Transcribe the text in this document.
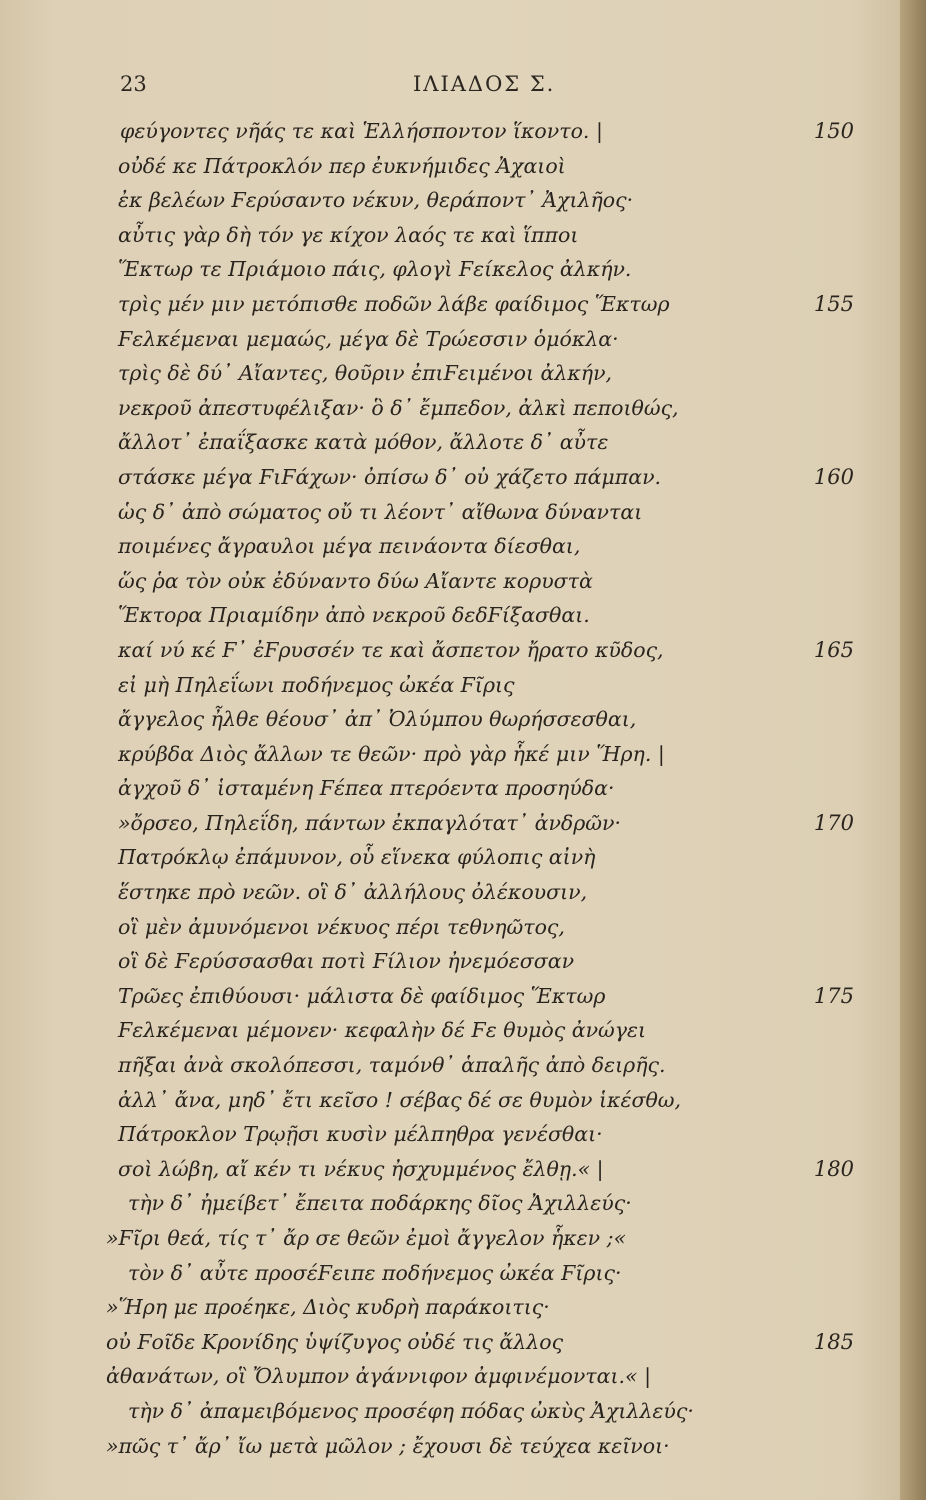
23	ΙΛΙΑΔΟΣ Σ.
φεύγοντες νῆάς τε καὶ Ἑλλήσποντον ἵκοντο. |	150
οὐδέ κε Πάτροκλόν περ ἐυκνήμιδες Ἀχαιοὶ
ἐκ βελέων Ϝερύσαντο νέκυν, θεράποντ᾿ Ἀχιλῆος·
αὖτις γὰρ δὴ τόν γε κίχον λαός τε καὶ ἵπποι
Ἕκτωρ τε Πριάμοιο πάις, φλογὶ Ϝείκελος ἀλκήν.
τρὶς μέν μιν μετόπισθε ποδῶν λάβε φαίδιμος Ἕκτωρ	155
Ϝελκέμεναι μεμαώς, μέγα δὲ Τρώεσσιν ὁμόκλα·
τρὶς δὲ δύ᾿ Αἴαντες, θοῦριν ἐπιϜειμένοι ἀλκήν,
νεκροῦ ἀπεστυφέλιξαν· ὃ δ᾿ ἔμπεδον, ἀλκὶ πεποιθώς,
ἄλλοτ᾿ ἐπαΐξασκε κατὰ μόθον, ἄλλοτε δ᾿ αὖτε
στάσκε μέγα ϜιϜάχων· ὀπίσω δ᾿ οὐ χάζετο πάμπαν.	160
ὡς δ᾿ ἀπὸ σώματος οὔ τι λέοντ᾿ αἴθωνα δύνανται
ποιμένες ἄγραυλοι μέγα πεινάοντα δίεσθαι,
ὥς ῥα τὸν οὐκ ἐδύναντο δύω Αἴαντε κορυστὰ
Ἕκτορα Πριαμίδην ἀπὸ νεκροῦ δεδϜίξασθαι.
καί νύ κέ Ϝ᾿ ἐϜρυσσέν τε καὶ ἄσπετον ἤρατο κῦδος,	165
εἰ μὴ Πηλεΐωνι ποδήνεμος ὠκέα Ϝῖρις
ἄγγελος ἦλθε θέουσ᾿ ἀπ᾿ Ὀλύμπου θωρήσσεσθαι,
κρύβδα Διὸς ἄλλων τε θεῶν· πρὸ γὰρ ἧκέ μιν Ἥρη. |
ἀγχοῦ δ᾿ ἱσταμένη Ϝέπεα πτερόεντα προσηύδα·
»ὄρσεο, Πηλεΐδη, πάντων ἐκπαγλότατ᾿ ἀνδρῶν·	170
Πατρόκλῳ ἐπάμυνον, οὗ εἵνεκα φύλοπις αἰνὴ
ἕστηκε πρὸ νεῶν. οἳ δ᾿ ἀλλήλους ὀλέκουσιν,
οἳ μὲν ἀμυνόμενοι νέκυος πέρι τεθνηῶτος,
οἳ δὲ Ϝερύσσασθαι ποτὶ Ϝίλιον ἠνεμόεσσαν
Τρῶες ἐπιθύουσι· μάλιστα δὲ φαίδιμος Ἕκτωρ	175
Ϝελκέμεναι μέμονεν· κεφαλὴν δέ Ϝε θυμὸς ἀνώγει
πῆξαι ἀνὰ σκολόπεσσι, ταμόνθ᾿ ἁπαλῆς ἀπὸ δειρῆς.
ἀλλ᾿ ἄνα, μηδ᾿ ἔτι κεῖσο ! σέβας δέ σε θυμὸν ἱκέσθω,
Πάτροκλον Τρῳῇσι κυσὶν μέλπηθρα γενέσθαι·
σοὶ λώβη, αἴ κέν τι νέκυς ἠσχυμμένος ἔλθῃ.« |	180
τὴν δ᾿ ἠμείβετ᾿ ἔπειτα ποδάρκης δῖος Ἀχιλλεύς·
»Ϝῖρι θεά, τίς τ᾿ ἄρ σε θεῶν ἐμοὶ ἄγγελον ἧκεν ;«
τὸν δ᾿ αὖτε προσέϜειπε ποδήνεμος ὠκέα Ϝῖρις·
»Ἥρη με προέηκε, Διὸς κυδρὴ παράκοιτις·
οὐ Ϝοῖδε Κρονίδης ὑψίζυγος οὐδέ τις ἄλλος	185
ἀθανάτων, οἳ Ὄλυμπον ἀγάννιφον ἀμφινέμονται.« |
τὴν δ᾿ ἀπαμειβόμενος προσέφη πόδας ὠκὺς Ἀχιλλεύς·
»πῶς τ᾿ ἄρ᾿ ἴω μετὰ μῶλον ; ἔχουσι δὲ τεύχεα κεῖνοι·
